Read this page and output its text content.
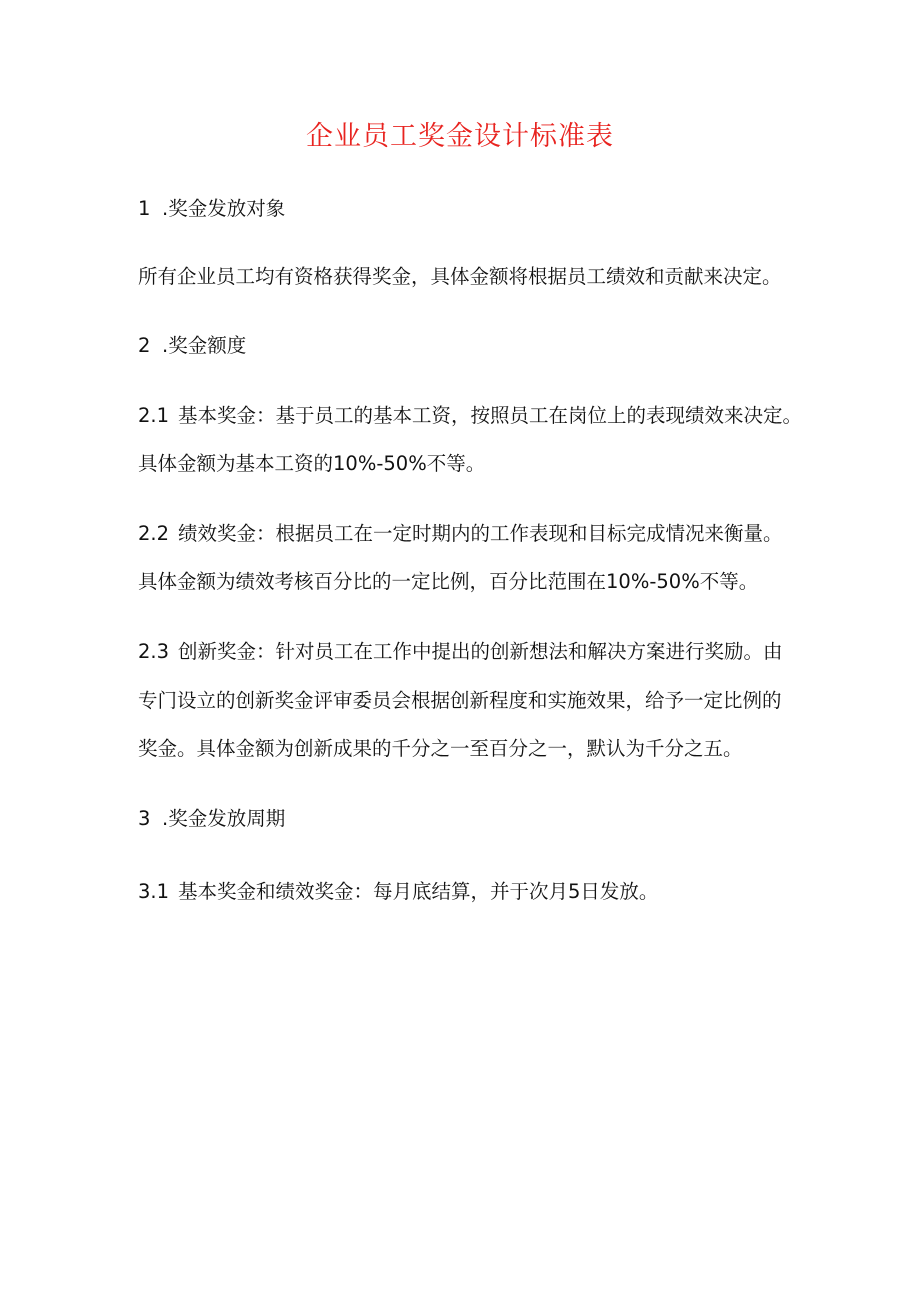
企业员工奖金设计标准表
1 .奖金发放对象
所有企业员工均有资格获得奖金，具体金额将根据员工绩效和贡献来决定。
2 .奖金额度
2.1 基本奖金：基于员工的基本工资，按照员工在岗位上的表现绩效来决定。
具体金额为基本工资的10%-50%不等。
2.2 绩效奖金：根据员工在一定时期内的工作表现和目标完成情况来衡量。
具体金额为绩效考核百分比的一定比例，百分比范围在10%-50%不等。
2.3 创新奖金：针对员工在工作中提出的创新想法和解决方案进行奖励。由
专门设立的创新奖金评审委员会根据创新程度和实施效果，给予一定比例的
奖金。具体金额为创新成果的千分之一至百分之一，默认为千分之五。
3 .奖金发放周期
3.1 基本奖金和绩效奖金：每月底结算，并于次月5日发放。
